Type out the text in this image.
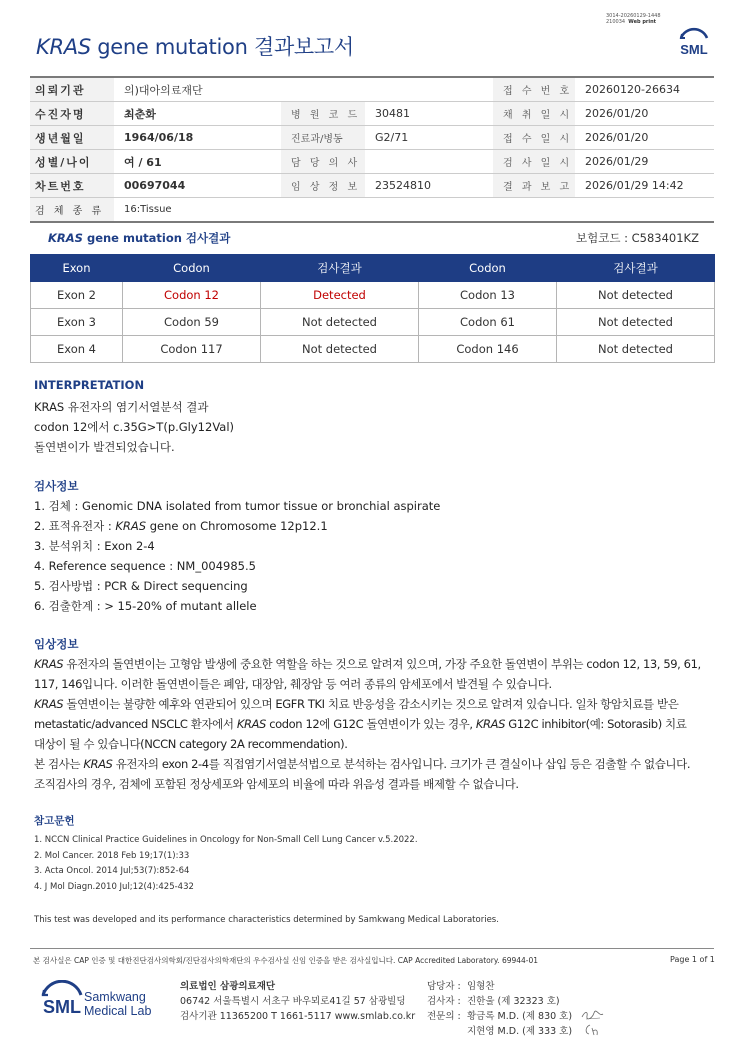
3014-20260129-1448
210034 Web print
KRAS gene mutation 결과보고서	SML
의뢰기관	의)대아의료재단			접 수 번 호	20260120-26634
수진자명	최춘화	병 원 코 드	30481	채 취 일 시	2026/01/20
생년월일	1964/06/18	진료과/병동	G2/71	접 수 일 시	2026/01/20
성별/나이	여 / 61	담 당 의 사		검 사 일 시	2026/01/29
차트번호	00697044	임 상 정 보	23524810	결 과 보 고	2026/01/29 14:42
검 체 종 류	16:Tissue				
KRAS gene mutation 검사결과	보험코드 : C583401KZ
Exon	Codon	검사결과	Codon	검사결과
Exon 2	Codon 12	Detected	Codon 13	Not detected
Exon 3	Codon 59	Not detected	Codon 61	Not detected
Exon 4	Codon 117	Not detected	Codon 146	Not detected
INTERPRETATION
KRAS 유전자의 염기서열분석 결과
codon 12에서 c.35G>T(p.Gly12Val)
돌연변이가 발견되었습니다.
검사정보
1. 검체 : Genomic DNA isolated from tumor tissue or bronchial aspirate
2. 표적유전자 : KRAS gene on Chromosome 12p12.1
3. 분석위치 : Exon 2-4
4. Reference sequence : NM_004985.5
5. 검사방법 : PCR & Direct sequencing
6. 검출한계 : > 15-20% of mutant allele
임상정보
KRAS 유전자의 돌연변이는 고형암 발생에 중요한 역할을 하는 것으로 알려져 있으며, 가장 주요한 돌연변이 부위는 codon 12, 13, 59, 61,
117, 146입니다. 이러한 돌연변이들은 폐암, 대장암, 췌장암 등 여러 종류의 암세포에서 발견될 수 있습니다.
KRAS 돌연변이는 불량한 예후와 연관되어 있으며 EGFR TKI 치료 반응성을 감소시키는 것으로 알려져 있습니다. 일차 항암치료를 받은
metastatic/advanced NSCLC 환자에서 KRAS codon 12에 G12C 돌연변이가 있는 경우, KRAS G12C inhibitor(예: Sotorasib) 치료
대상이 될 수 있습니다(NCCN category 2A recommendation).
본 검사는 KRAS 유전자의 exon 2-4를 직접염기서열분석법으로 분석하는 검사입니다. 크기가 큰 결실이나 삽입 등은 검출할 수 없습니다.
조직검사의 경우, 검체에 포함된 정상세포와 암세포의 비율에 따라 위음성 결과를 배제할 수 없습니다.
참고문헌
1. NCCN Clinical Practice Guidelines in Oncology for Non-Small Cell Lung Cancer v.5.2022.
2. Mol Cancer. 2018 Feb 19;17(1):33
3. Acta Oncol. 2014 Jul;53(7):852-64
4. J Mol Diagn.2010 Jul;12(4):425-432
This test was developed and its performance characteristics determined by Samkwang Medical Laboratories.
본 검사실은 CAP 인증 및 대한진단검사의학회/진단검사의학재단의 우수검사실 신임 인증을 받은 검사실입니다. CAP Accredited Laboratory. 69944-01	Page 1 of 1
SML Samkwang
Medical Lab
의료법인 삼광의료재단
06742 서울특별시 서초구 바우뫼로41길 57 삼광빌딩
검사기관 11365200 T 1661-5117 www.smlab.co.kr
담당자 : 임형찬
검사자 : 진한울 (제 32323 호)
전문의 : 황금록 M.D. (제 830 호)
지현영 M.D. (제 333 호)
